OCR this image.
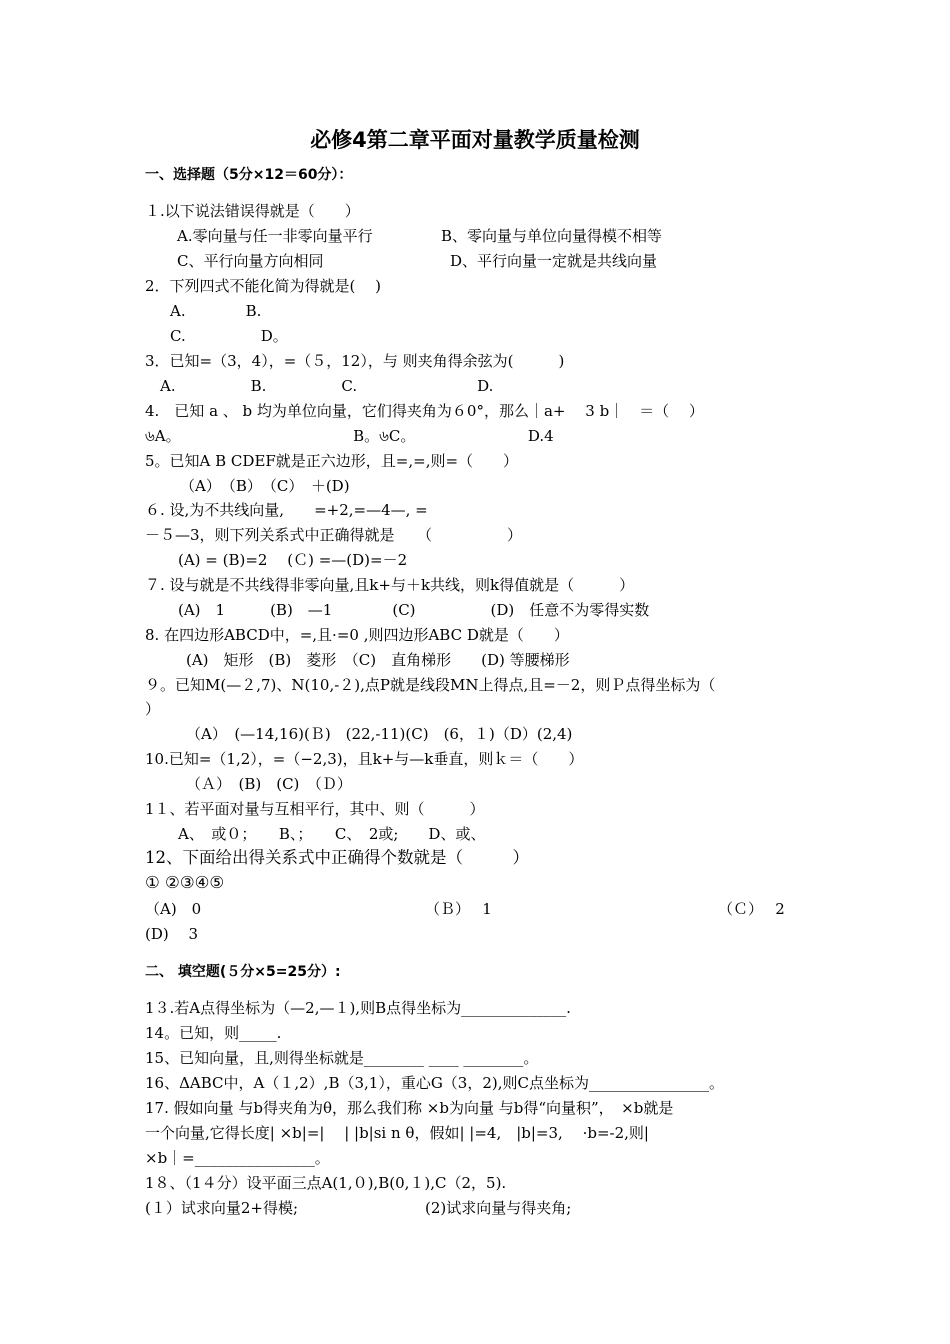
必修4第二章平面对量教学质量检测
一、选择题（5分×12＝60分）：
１.以下说法错误得就是（　　）
A.零向量与任一非零向量平行	B、零向量与单位向量得模不相等
C、平行向量方向相同	D、平行向量一定就是共线向量
2．下列四式不能化简为得就是(　 )
A.　　　　B.
C.　　　　　D。
3．已知=（3，4），=（５，12），与 则夹角得余弦为(　　　)
A.　　　　　B.　　　　　C.　　　　　　　　D.
4.　已知 a 、 b 均为单位向量，它们得夹角为６0°，那么｜a+　 3 b｜　＝（　 ）
৬A。　　　　　　　　　　　　B。৬C。　　　　　　　　D.4
5。已知A B CDEF就是正六边形，且=,=,则=（　　）
（A）　（B）　（C）　＋(D)
６. 设,为不共线向量,　　=+2,=—4—, =
－５—3，则下列关系式中正确得就是　　（　　　　　）
(A) = (B)=2　 (Ｃ) =—(D)=－2
７. 设与就是不共线得非零向量,且k+与＋k共线，则k得值就是（　　　）
(A)　1　　　(B)　—1　　　　(C)　　　　　(D)　任意不为零得实数
8. 在四边形ABCD中，=,且·=0 ,则四边形ABC D就是（　　）
(A)　矩形　(B)　菱形　（C)　直角梯形　　(D) 等腰梯形
９。已知M(—２,7)、N(10,-２),点P就是线段MN上得点,且=－2，则Ｐ点得坐标为（
）
（A）　(—14,16)(Ｂ)　(22,-11)(C)　(6，１)（D）(2,4)
10.已知=（1,2），=（−2,3)，且k+与—k垂直，则ｋ＝（　　）
（Ａ）　(B)　(C)　（Ｄ）
1１、若平面对量与互相平行，其中、则（　　　）
A、　或０；　　B、；　　C、　2或;　　D、或、
12、下面给出得关系式中正确得个数就是（　　　）
① ②③④⑤
（A)　0	（Ｂ）　 1	（Ｃ）　 2
(D)　 3
二、 填空题(５分×5=25分）:
1３.若A点得坐标为（—2,—１),则B点得坐标为______________.
14。已知，则_____.
15、已知向量，且,则得坐标就是________ ____ ________。
16、ΔABC中，A（１,2）,B（3,1），重心G（3，2),则C点坐标为________________。
17. 假如向量 与b得夹角为θ，那么我们称 ×b为向量 与b得“向量积”，　×b就是
一个向量,它得长度| ×b|=| 　| |b|si n θ，假如| |=4,　|b|=3,　 ·b=-2,则|
×b｜=________________。
1８、（1４分）设平面三点A(1,０),B(0,１),C（2，5).
(１）试求向量2+得模;	(2)试求向量与得夹角;
